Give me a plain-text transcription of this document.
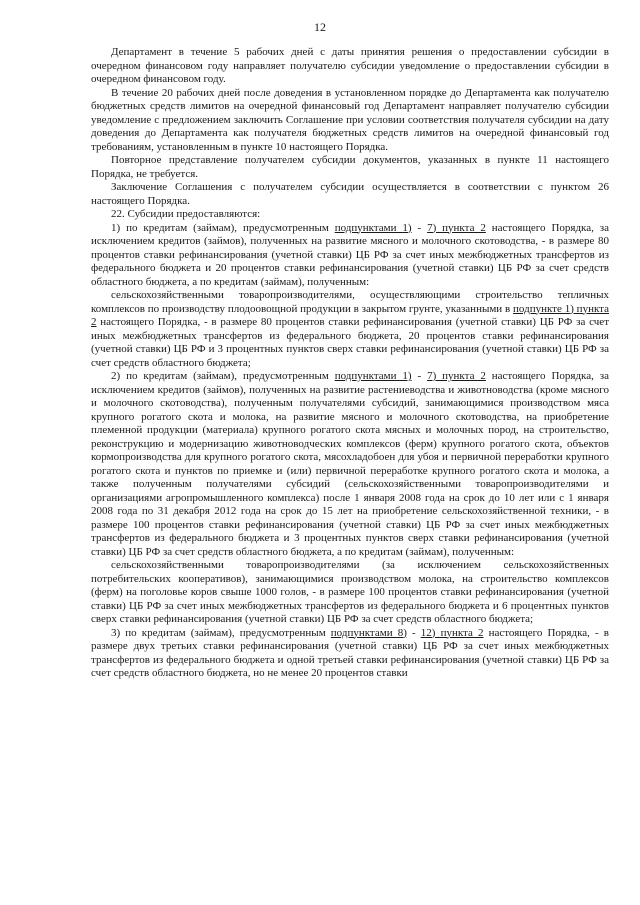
12

Департамент в течение 5 рабочих дней с даты принятия решения о предоставлении субсидии в очередном финансовом году направляет получателю субсидии уведомление о предоставлении субсидии в очередном финансовом году.

В течение 20 рабочих дней после доведения в установленном порядке до Департамента как получателю бюджетных средств лимитов на очередной финансовый год Департамент направляет получателю субсидии уведомление с предложением заключить Соглашение при условии соответствия получателя субсидии на дату доведения до Департамента как получателя бюджетных средств лимитов на очередной финансовый год требованиям, установленным в пункте 10 настоящего Порядка.

Повторное представление получателем субсидии документов, указанных в пункте 11 настоящего Порядка, не требуется.

Заключение Соглашения с получателем субсидии осуществляется в соответствии с пунктом 26 настоящего Порядка.

22. Субсидии предоставляются:

1) по кредитам (займам), предусмотренным подпунктами 1) - 7) пункта 2 настоящего Порядка, за исключением кредитов (займов), полученных на развитие мясного и молочного скотоводства, - в размере 80 процентов ставки рефинансирования (учетной ставки) ЦБ РФ за счет иных межбюджетных трансфертов из федерального бюджета и 20 процентов ставки рефинансирования (учетной ставки) ЦБ РФ за счет средств областного бюджета, а по кредитам (займам), полученным:

сельскохозяйственными товаропроизводителями, осуществляющими строительство тепличных комплексов по производству плодоовощной продукции в закрытом грунте, указанными в подпункте 1) пункта 2 настоящего Порядка, - в размере 80 процентов ставки рефинансирования (учетной ставки) ЦБ РФ за счет иных межбюджетных трансфертов из федерального бюджета, 20 процентов ставки рефинансирования (учетной ставки) ЦБ РФ и 3 процентных пунктов сверх ставки рефинансирования (учетной ставки) ЦБ РФ за счет средств областного бюджета;

2) по кредитам (займам), предусмотренным подпунктами 1) - 7) пункта 2 настоящего Порядка, за исключением кредитов (займов), полученных на развитие растениеводства и животноводства (кроме мясного и молочного скотоводства), полученным получателями субсидий, занимающимися производством мяса крупного рогатого скота и молока, на развитие мясного и молочного скотоводства, на приобретение племенной продукции (материала) крупного рогатого скота мясных и молочных пород, на строительство, реконструкцию и модернизацию животноводческих комплексов (ферм) крупного рогатого скота, объектов кормопроизводства для крупного рогатого скота, мясохладобоен для убоя и первичной переработки крупного рогатого скота и пунктов по приемке и (или) первичной переработке крупного рогатого скота и молока, а также полученным получателями субсидий (сельскохозяйственными товаропроизводителями и организациями агропромышленного комплекса) после 1 января 2008 года на срок до 10 лет или с 1 января 2008 года по 31 декабря 2012 года на срок до 15 лет на приобретение сельскохозяйственной техники, - в размере 100 процентов ставки рефинансирования (учетной ставки) ЦБ РФ за счет иных межбюджетных трансфертов из федерального бюджета и 3 процентных пунктов сверх ставки рефинансирования (учетной ставки) ЦБ РФ за счет средств областного бюджета, а по кредитам (займам), полученным:

сельскохозяйственными товаропроизводителями (за исключением сельскохозяйственных потребительских кооперативов), занимающимися производством молока, на строительство комплексов (ферм) на поголовье коров свыше 1000 голов, - в размере 100 процентов ставки рефинансирования (учетной ставки) ЦБ РФ за счет иных межбюджетных трансфертов из федерального бюджета и 6 процентных пунктов сверх ставки рефинансирования (учетной ставки) ЦБ РФ за счет средств областного бюджета;

3) по кредитам (займам), предусмотренным подпунктами 8) - 12) пункта 2 настоящего Порядка, - в размере двух третьих ставки рефинансирования (учетной ставки) ЦБ РФ за счет иных межбюджетных трансфертов из федерального бюджета и одной третьей ставки рефинансирования (учетной ставки) ЦБ РФ за счет средств областного бюджета, но не менее 20 процентов ставки
